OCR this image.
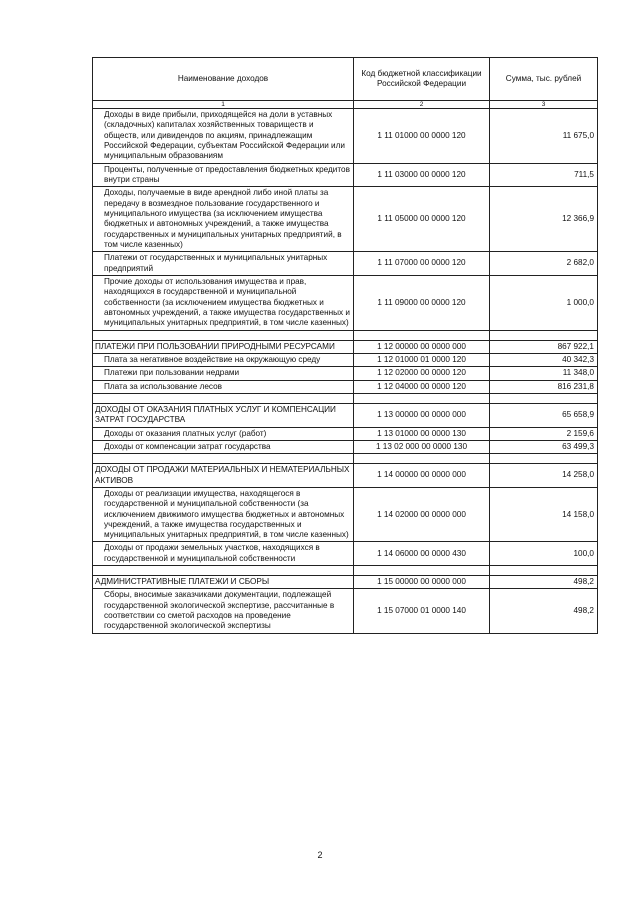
Наименование доходов	Код бюджетной классификации Российской Федерации	Сумма, тыс. рублей
1	2	3
Доходы в виде прибыли, приходящейся на доли в уставных (складочных) капиталах хозяйственных товариществ и обществ, или дивидендов по акциям, принадлежащим Российской Федерации, субъектам Российской Федерации или муниципальным образованиям	1 11 01000 00 0000 120	11 675,0
Проценты, полученные от предоставления бюджетных кредитов внутри страны	1 11 03000 00 0000 120	711,5
Доходы, получаемые в виде арендной либо иной платы за передачу в возмездное пользование государственного и муниципального имущества (за исключением имущества бюджетных и автономных учреждений, а также имущества государственных и муниципальных унитарных предприятий, в том числе казенных)	1 11 05000 00 0000 120	12 366,9
Платежи от государственных и муниципальных унитарных предприятий	1 11 07000 00 0000 120	2 682,0
Прочие доходы от использования имущества и прав, находящихся в государственной и муниципальной собственности (за исключением имущества бюджетных и автономных учреждений, а также имущества государственных и муниципальных унитарных предприятий, в том числе казенных)	1 11 09000 00 0000 120	1 000,0

ПЛАТЕЖИ ПРИ ПОЛЬЗОВАНИИ ПРИРОДНЫМИ РЕСУРСАМИ	1 12 00000 00 0000 000	867 922,1
Плата за негативное воздействие на окружающую среду	1 12 01000 01 0000 120	40 342,3
Платежи при пользовании недрами	1 12 02000 00 0000 120	11 348,0
Плата за использование лесов	1 12 04000 00 0000 120	816 231,8

ДОХОДЫ ОТ ОКАЗАНИЯ ПЛАТНЫХ УСЛУГ И КОМПЕНСАЦИИ ЗАТРАТ ГОСУДАРСТВА	1 13 00000 00 0000 000	65 658,9
Доходы от оказания платных услуг (работ)	1 13 01000 00 0000 130	2 159,6
Доходы от компенсации затрат государства	1 13 02 000 00 0000 130	63 499,3

ДОХОДЫ ОТ ПРОДАЖИ МАТЕРИАЛЬНЫХ И НЕМАТЕРИАЛЬНЫХ АКТИВОВ	1 14 00000 00 0000 000	14 258,0
Доходы от реализации имущества, находящегося в государственной и муниципальной собственности (за исключением движимого имущества бюджетных и автономных учреждений, а также имущества государственных и муниципальных унитарных предприятий, в том числе казенных)	1 14 02000 00 0000 000	14 158,0
Доходы от продажи земельных участков, находящихся в государственной и муниципальной собственности	1 14 06000 00 0000 430	100,0

АДМИНИСТРАТИВНЫЕ ПЛАТЕЖИ И СБОРЫ	1 15 00000 00 0000 000	498,2
Сборы, вносимые заказчиками документации, подлежащей государственной экологической экспертизе, рассчитанные в соответствии со сметой расходов на проведение государственной экологической экспертизы	1 15 07000 01 0000 140	498,2
2
